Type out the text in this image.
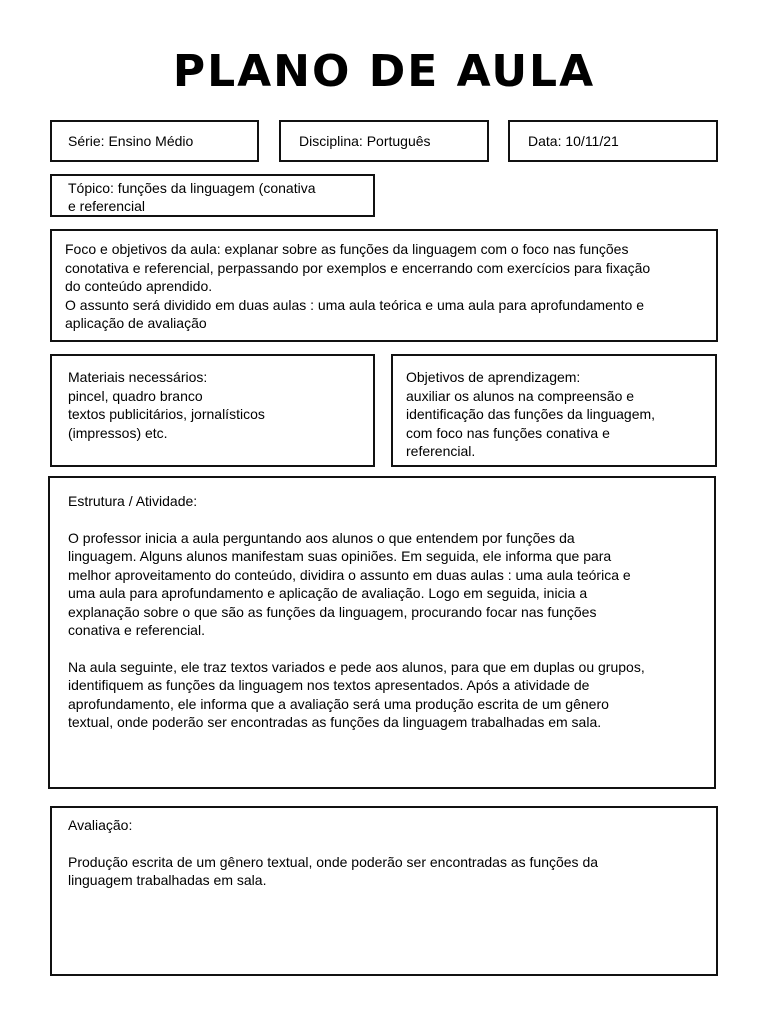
PLANO DE AULA
Série: Ensino Médio	Disciplina: Português	Data: 10/11/21

Tópico: funções da linguagem (conativa

e referencial

Foco e objetivos da aula: explanar sobre as funções da linguagem com o foco nas funções

conotativa e referencial, perpassando por exemplos e encerrando com exercícios para fixação

do conteúdo aprendido.

O assunto será dividido em duas aulas : uma aula teórica e uma aula para aprofundamento e

aplicação de avaliação

Materiais necessários:

pincel, quadro branco

textos publicitários, jornalísticos

(impressos) etc.

Objetivos de aprendizagem:

auxiliar os alunos na compreensão e

identificação das funções da linguagem,

com foco nas funções conativa e

referencial.

Estrutura / Atividade:

O professor inicia a aula perguntando aos alunos o que entendem por funções da

linguagem. Alguns alunos manifestam suas opiniões. Em seguida, ele informa que para

melhor aproveitamento do conteúdo, dividira o assunto em duas aulas : uma aula teórica e

uma aula para aprofundamento e aplicação de avaliação. Logo em seguida, inicia a

explanação sobre o que são as funções da linguagem, procurando focar nas funções

conativa e referencial.

Na aula seguinte, ele traz textos variados e pede aos alunos, para que em duplas ou grupos,

identifiquem as funções da linguagem nos textos apresentados. Após a atividade de

aprofundamento, ele informa que a avaliação será uma produção escrita de um gênero

textual, onde poderão ser encontradas as funções da linguagem trabalhadas em sala.

Avaliação:

Produção escrita de um gênero textual, onde poderão ser encontradas as funções da

linguagem trabalhadas em sala.
